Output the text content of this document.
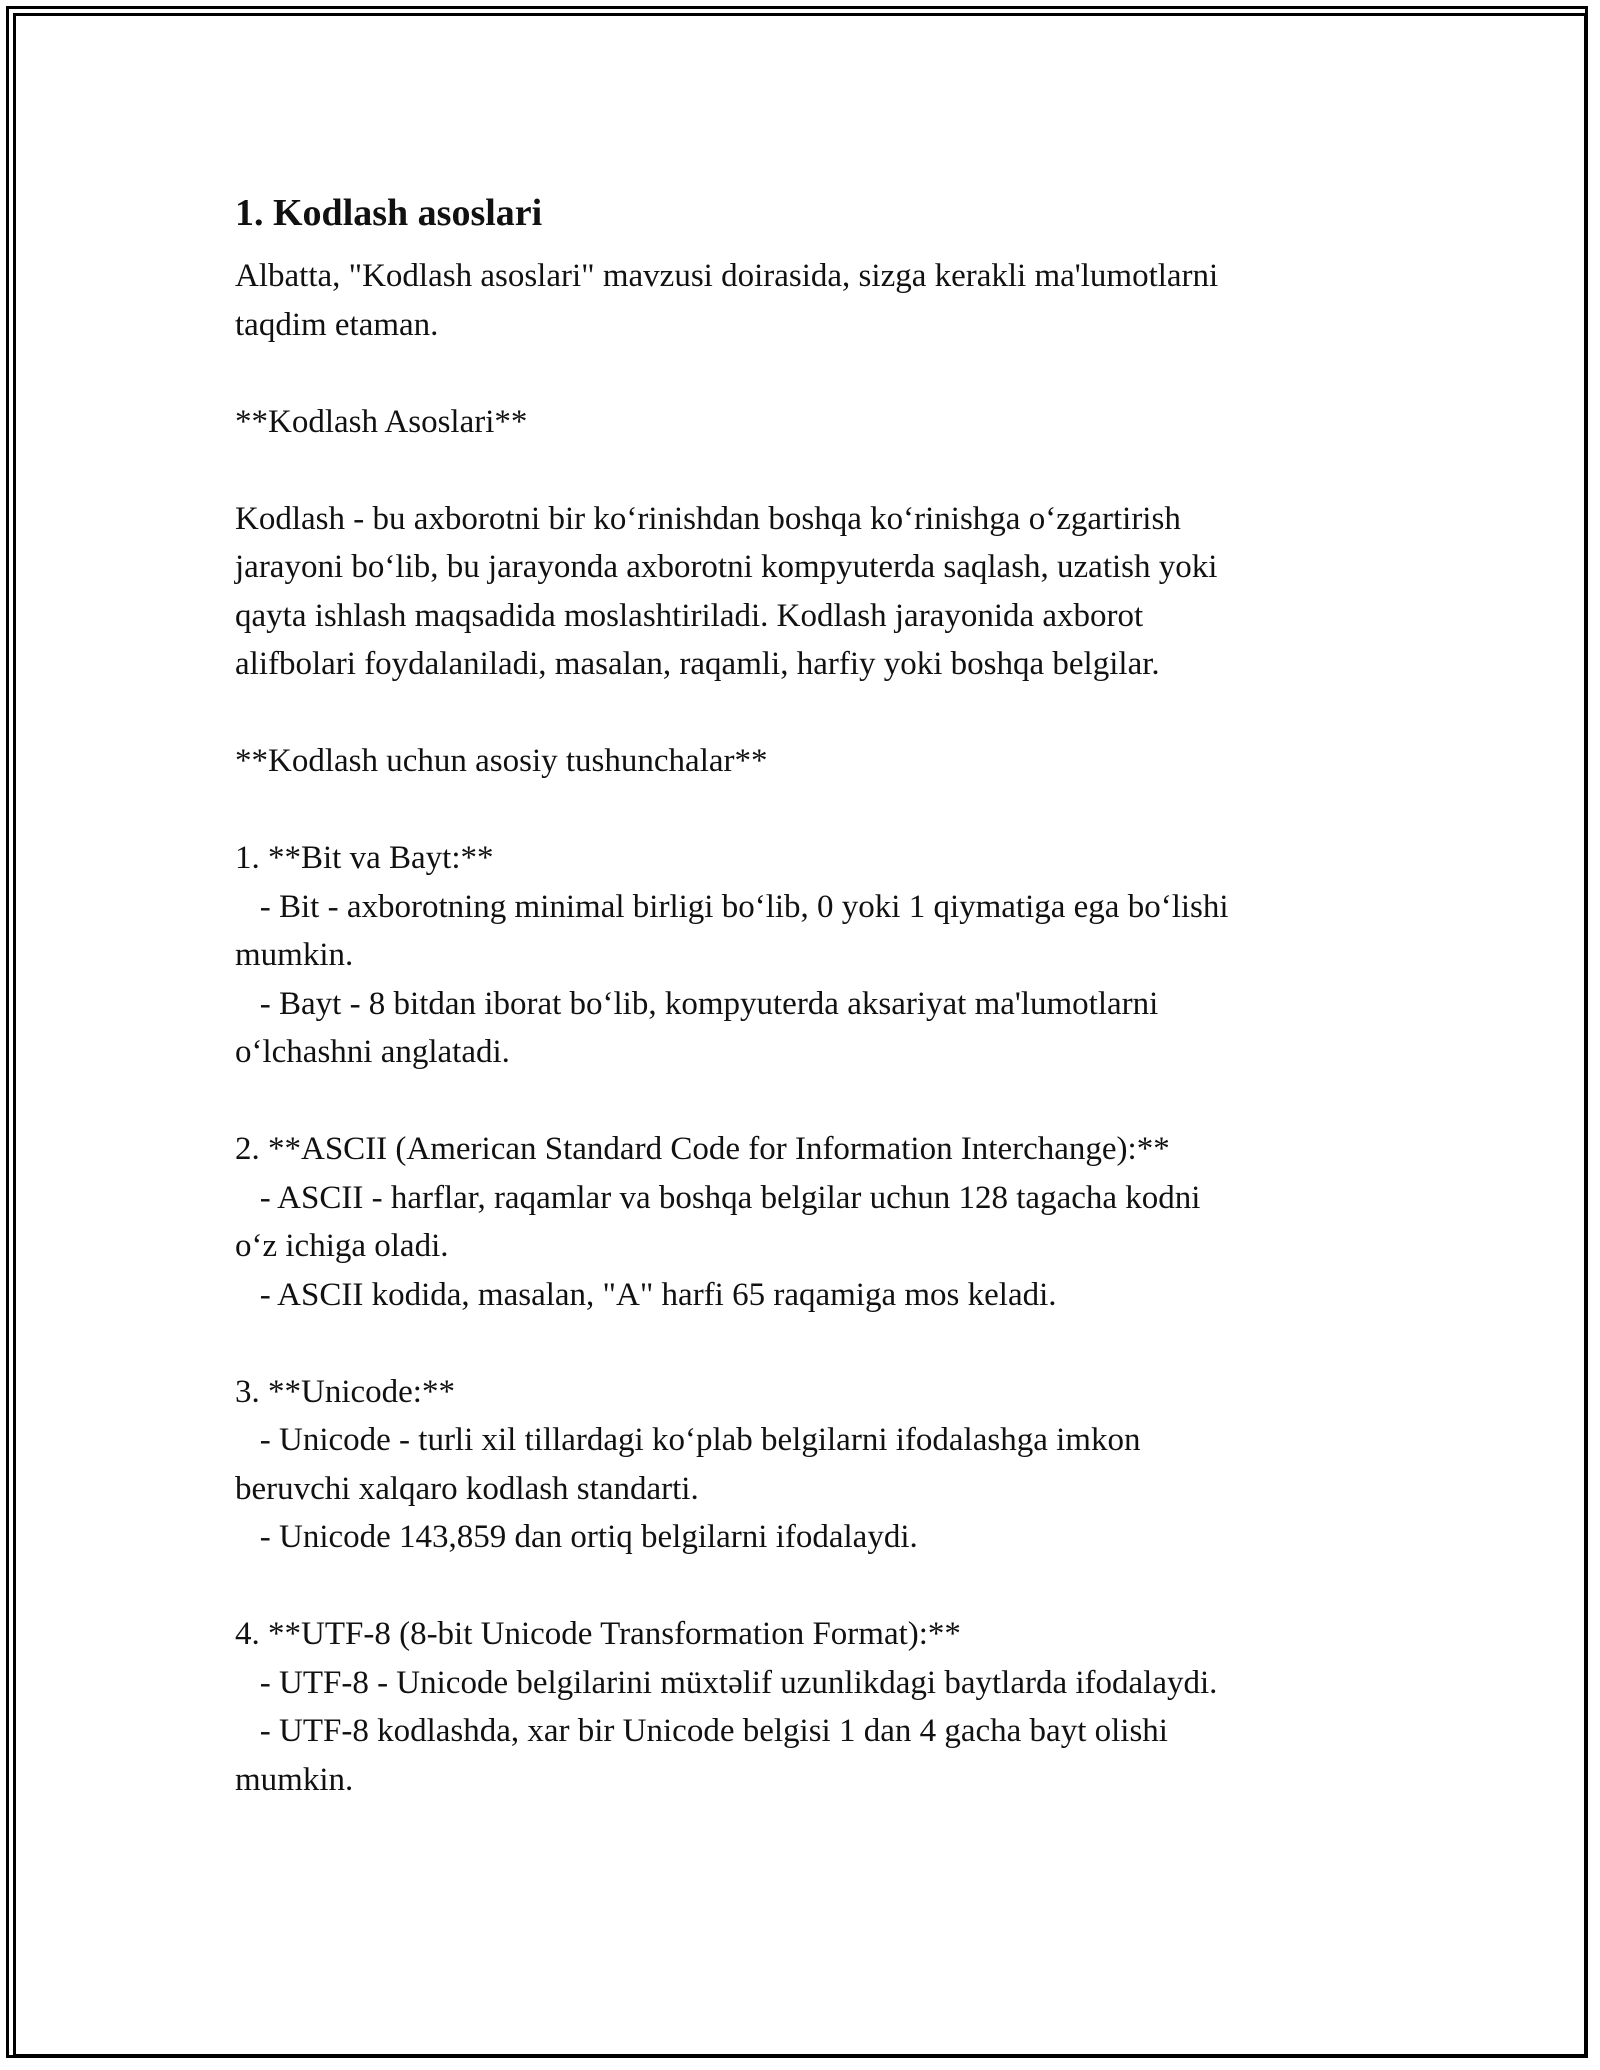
1. Kodlash asoslari
Albatta, "Kodlash asoslari" mavzusi doirasida, sizga kerakli ma'lumotlarni
taqdim etaman.
**Kodlash Asoslari**
Kodlash - bu axborotni bir ko‘rinishdan boshqa ko‘rinishga o‘zgartirish
jarayoni bo‘lib, bu jarayonda axborotni kompyuterda saqlash, uzatish yoki
qayta ishlash maqsadida moslashtiriladi. Kodlash jarayonida axborot
alifbolari foydalaniladi, masalan, raqamli, harfiy yoki boshqa belgilar.
**Kodlash uchun asosiy tushunchalar**
1. **Bit va Bayt:**
- Bit - axborotning minimal birligi bo‘lib, 0 yoki 1 qiymatiga ega bo‘lishi
mumkin.
- Bayt - 8 bitdan iborat bo‘lib, kompyuterda aksariyat ma'lumotlarni
o‘lchashni anglatadi.
2. **ASCII (American Standard Code for Information Interchange):**
- ASCII - harflar, raqamlar va boshqa belgilar uchun 128 tagacha kodni
o‘z ichiga oladi.
- ASCII kodida, masalan, "A" harfi 65 raqamiga mos keladi.
3. **Unicode:**
- Unicode - turli xil tillardagi ko‘plab belgilarni ifodalashga imkon
beruvchi xalqaro kodlash standarti.
- Unicode 143,859 dan ortiq belgilarni ifodalaydi.
4. **UTF-8 (8-bit Unicode Transformation Format):**
- UTF-8 - Unicode belgilarini müxtəlif uzunlikdagi baytlarda ifodalaydi.
- UTF-8 kodlashda, xar bir Unicode belgisi 1 dan 4 gacha bayt olishi
mumkin.
